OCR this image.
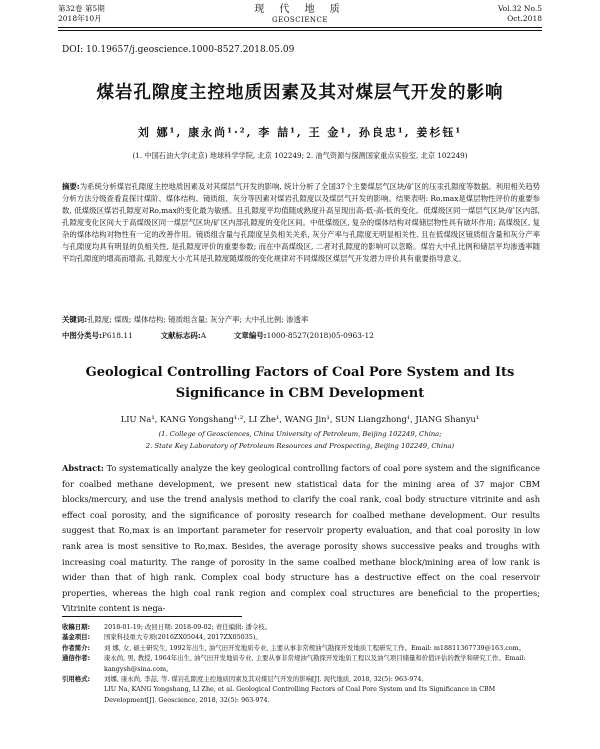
第32卷 第5期
2018年10月
现 代 地 质
GEOSCIENCE
Vol.32 No.5
Oct.2018
DOI: 10.19657/j.geoscience.1000-8527.2018.05.09
煤岩孔隙度主控地质因素及其对煤层气开发的影响
刘 娜¹, 康永尚¹·², 李 喆¹, 王 金¹, 孙良忠¹, 姜杉钰¹
(1. 中国石油大学(北京) 地球科学学院, 北京 102249; 2. 油气资源与探测国家重点实验室, 北京 102249)
摘要:为系统分析煤岩孔隙度主控地质因素及对其煤层气开发的影响, 统计分析了全国37个主要煤层气区块/矿区的压汞孔隙度等数据。利用相关趋势分析方法分级查看直探讨煤阶、煤体结构、镜质组、灰分等因素对煤岩孔隙度以及煤层气开发的影响。结果表明: Ro,max是煤层物性评价的重要参数, 低煤级区煤岩孔隙度对Ro,max的变化最为敏感。且孔隙度平均值随成熟度升高呈现出高-低-高-低的变化。低煤级区同一煤层气区块/矿区内部, 孔隙度变化区间大于高煤级区同一煤层气区块/矿区内部孔隙度的变化区间。中低煤级区, 复杂的煤体结构对煤储层物性具有破坏作用; 高煤级区, 复杂的煤体结构对物性有一定的改善作用。镜质组含量与孔隙度呈负相关关系, 灰分产率与孔隙度无明显相关性, 且在低煤级区镜质组含量和灰分产率与孔隙度均具有明显的负相关性, 是孔隙度评价的重要参数; 而在中高煤级区, 二者对孔隙度的影响可以忽略。煤岩大中孔比例和储层平均渗透率随平均孔隙度的增高而增高, 孔隙度大小尤其是孔隙度随煤级的变化规律对不同煤级区煤层气开发潜力评价具有重要指导意义。
关键词:孔隙度; 煤级; 煤体结构; 镜质组含量; 灰分产率; 大中孔比例; 渗透率
中图分类号:P618.11	文献标志码:A	文章编号:1000-8527(2018)05-0963-12
Geological Controlling Factors of Coal Pore System and Its Significance in CBM Development
LIU Na¹, KANG Yongshang¹·², LI Zhe¹, WANG Jin¹, SUN Liangzhong¹, JIANG Shanyu¹
(1. College of Geosciences, China University of Petroleum, Beijing 102249, China;
2. State Key Laboratory of Petroleum Resources and Prospecting, Beijing 102249, China)
Abstract: To systematically analyze the key geological controlling factors of coal pore system and the significance for coalbed methane development, we present new statistical data for the mining area of 37 major CBM blocks/mercury, and use the trend analysis method to clarify the coal rank, coal body structure vitrinite and ash effect coal porosity, and the significance of porosity research for coalbed methane development. Our results suggest that Ro,max is an important parameter for reservoir property evaluation, and that coal porosity in low rank area is most sensitive to Ro,max. Besides, the average porosity shows successive peaks and troughs with increasing coal maturity. The range of porosity in the same coalbed methane block/mining area of low rank is wider than that of high rank. Complex coal body structure has a destructive effect on the coal reservoir properties, whereas the high coal rank region and complex coal structures are beneficial to the properties; Vitrinite content is nega-
收稿日期:	2018-01-19; 改回日期: 2018-09-02; 责任编辑: 潘令枝。
基金项目:	国家科技重大专项(2016ZX05044, 2017ZX05035)。
作者简介:	刘 娜, 女, 硕士研究生, 1992年出生, 油气田开发地质专业, 主要从事非常规油气勘探开发地质工程研究工作。Email: m18811367739@163.com。
通信作者:	康永尚, 男, 教授, 1964年出生, 油气田开发地质专业, 主要从事非常规油气勘探开发地质工程以及油气项目储量和价值评估的教学和研究工作。Email: kangysh@sina.com。
引用格式:	刘娜, 康永尚, 李喆, 等. 煤岩孔隙度主控地质因素及其对煤层气开发的影响[J]. 现代地质, 2018, 32(5): 963-974.
LIU Na, KANG Yongshang, LI Zhe, et al. Geological Controlling Factors of Coal Pore System and Its Significance in CBM Development[J]. Geoscience, 2018, 32(5): 963-974.
